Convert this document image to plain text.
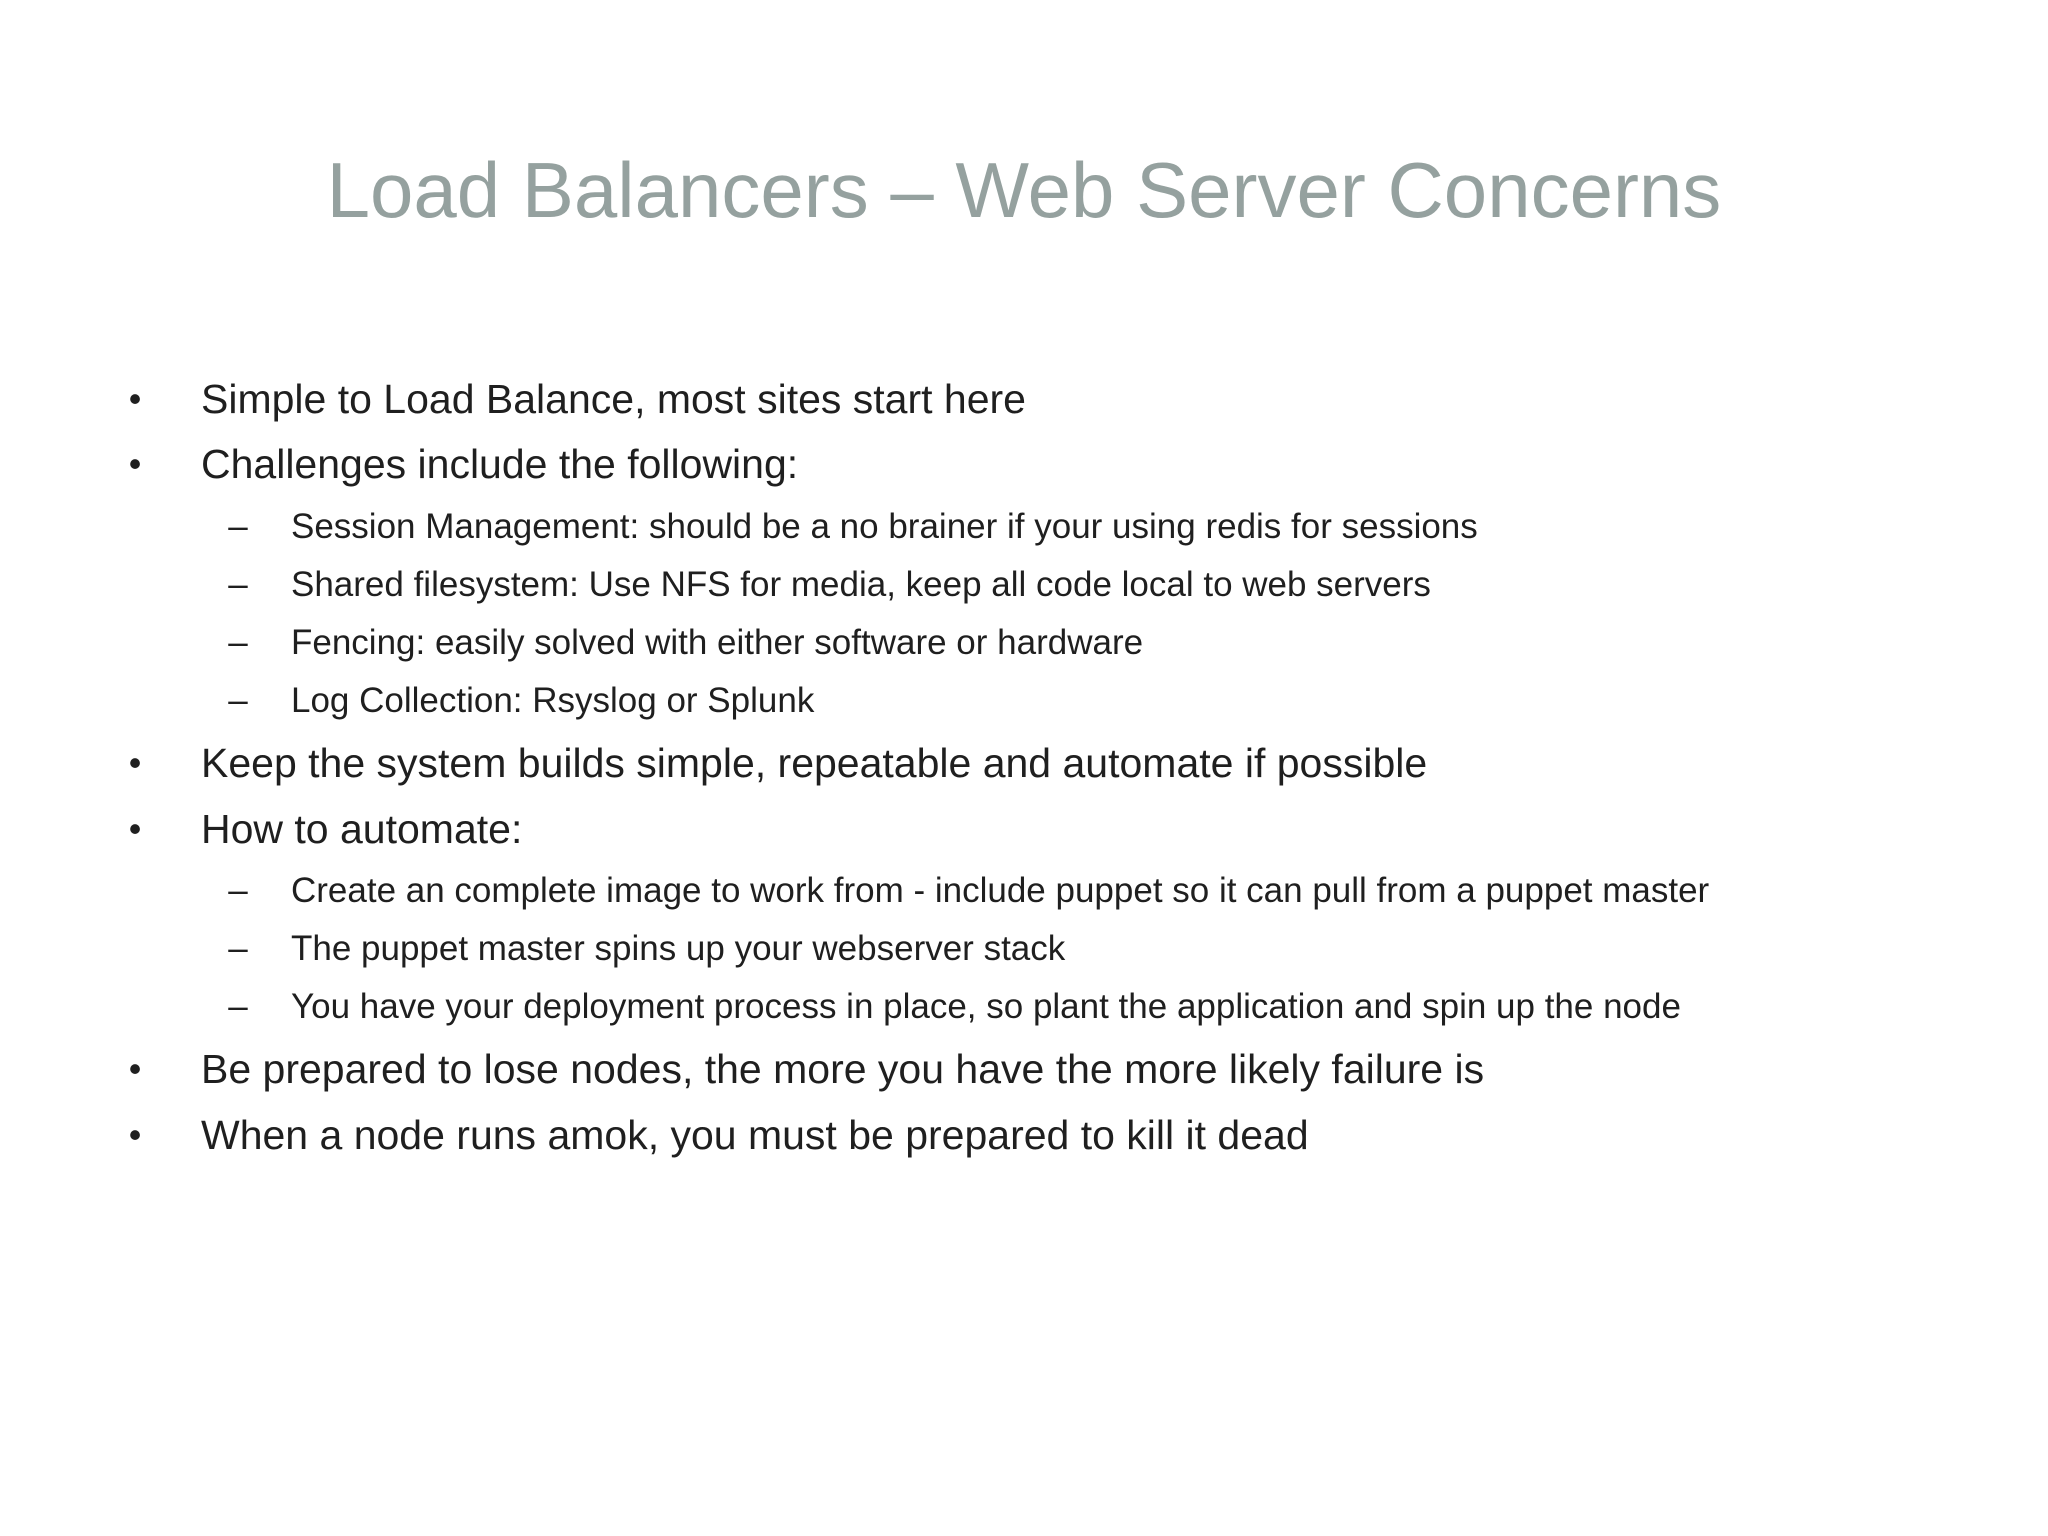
Load Balancers – Web Server Concerns
• Simple to Load Balance, most sites start here
• Challenges include the following:
– Session Management: should be a no brainer if your using redis for sessions
– Shared filesystem: Use NFS for media, keep all code local to web servers
– Fencing: easily solved with either software or hardware
– Log Collection: Rsyslog or Splunk
• Keep the system builds simple, repeatable and automate if possible
• How to automate:
– Create an complete image to work from - include puppet so it can pull from a puppet master
– The puppet master spins up your webserver stack
– You have your deployment process in place, so plant the application and spin up the node
• Be prepared to lose nodes, the more you have the more likely failure is
• When a node runs amok, you must be prepared to kill it dead
